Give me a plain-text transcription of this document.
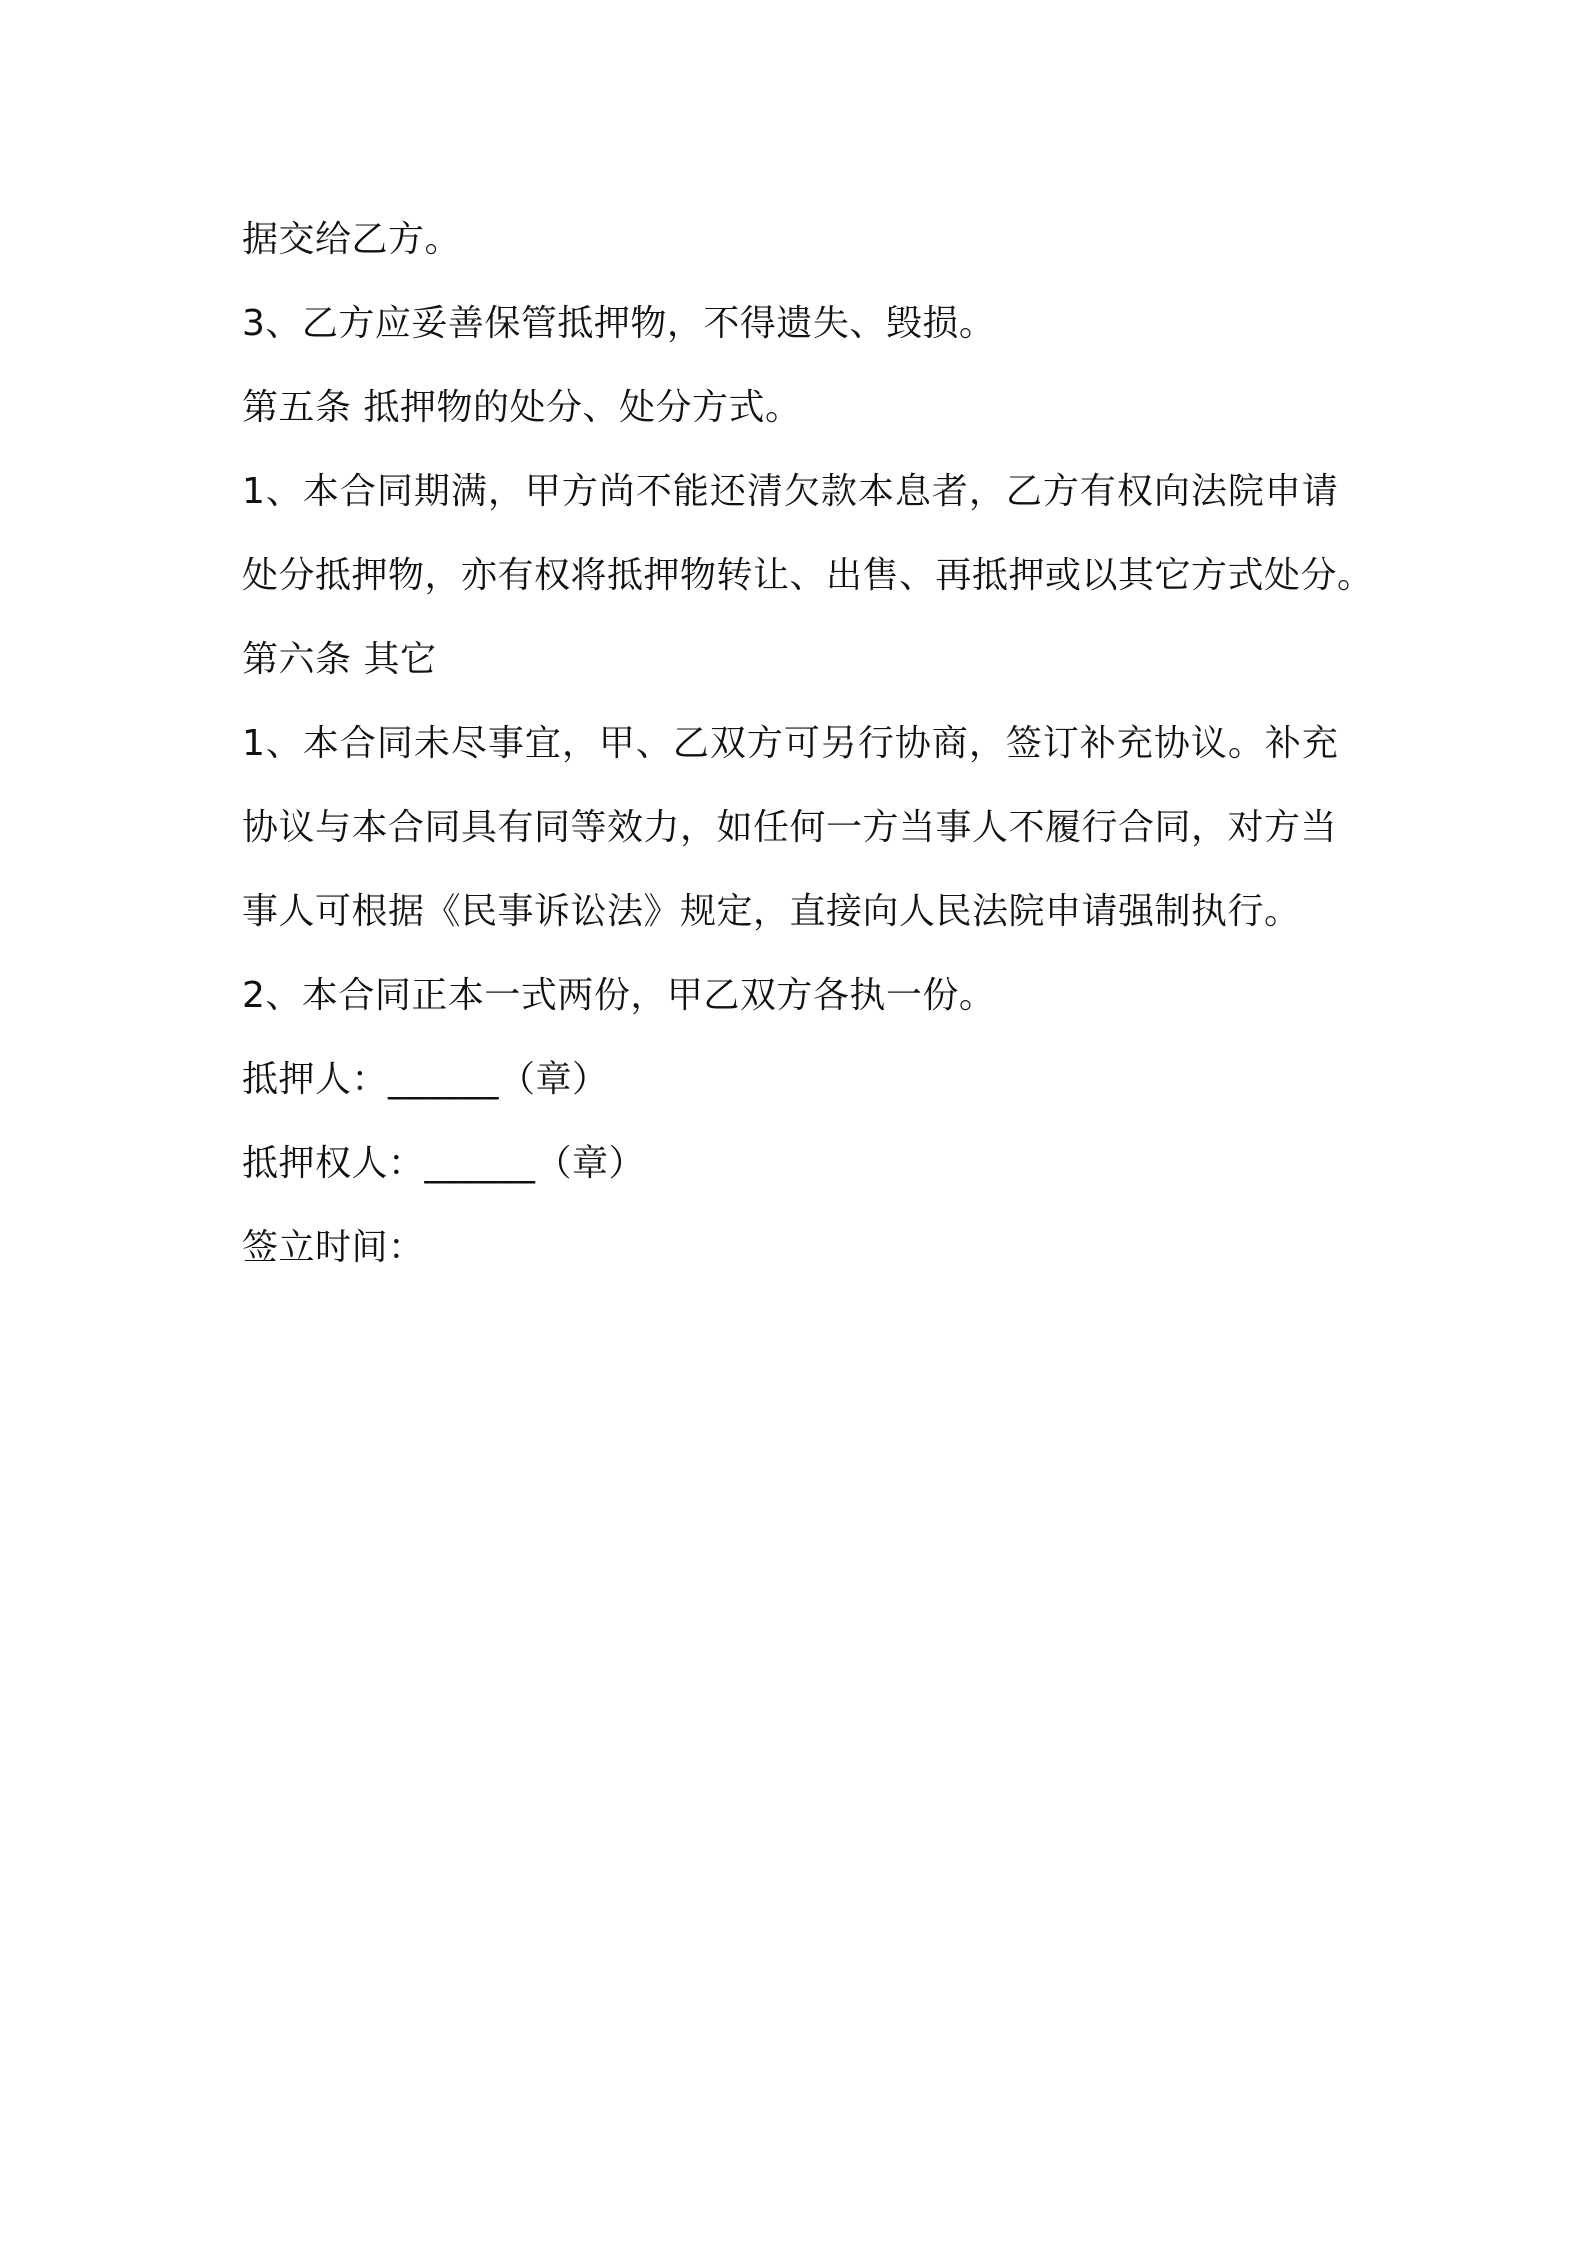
据交给乙方。
3、乙方应妥善保管抵押物，不得遗失、毁损。
第五条 抵押物的处分、处分方式。
1、本合同期满，甲方尚不能还清欠款本息者，乙方有权向法院申请
处分抵押物，亦有权将抵押物转让、出售、再抵押或以其它方式处分。
第六条 其它
1、本合同未尽事宜，甲、乙双方可另行协商，签订补充协议。补充
协议与本合同具有同等效力，如任何一方当事人不履行合同，对方当
事人可根据《民事诉讼法》规定，直接向人民法院申请强制执行。
2、本合同正本一式两份，甲乙双方各执一份。
抵押人：______（章）
抵押权人：______（章）
签立时间：
